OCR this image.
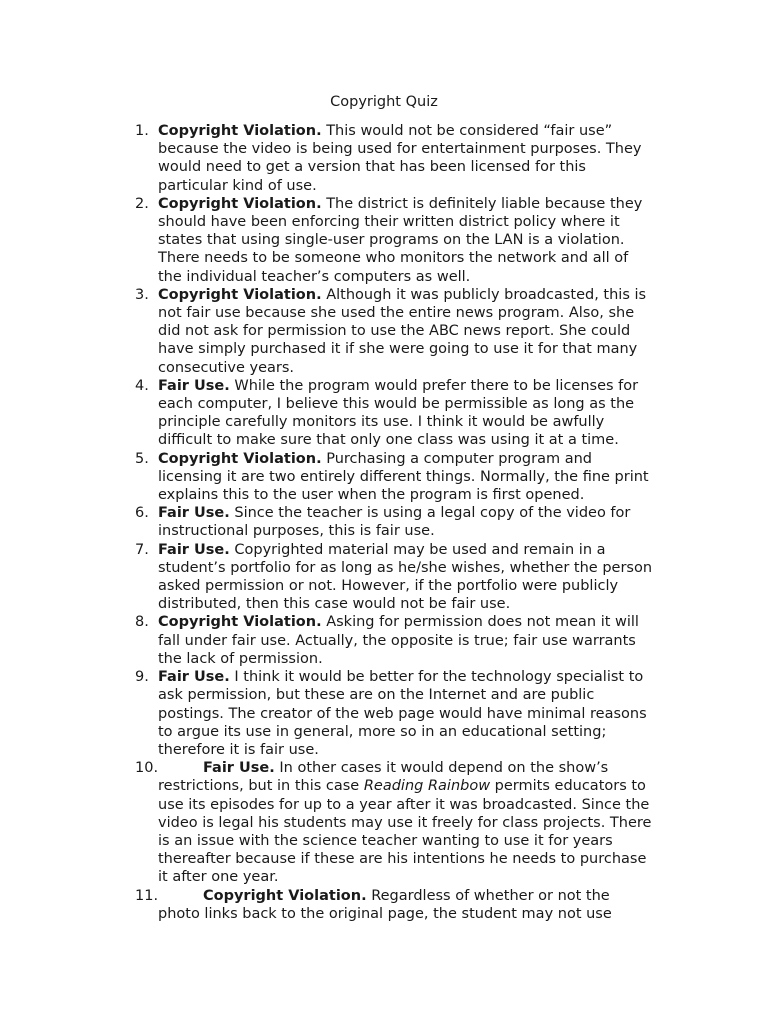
Copyright Quiz
1. Copyright Violation. This would not be considered “fair use” because the video is being used for entertainment purposes. They would need to get a version that has been licensed for this particular kind of use.
2. Copyright Violation. The district is definitely liable because they should have been enforcing their written district policy where it states that using single-user programs on the LAN is a violation. There needs to be someone who monitors the network and all of the individual teacher’s computers as well.
3. Copyright Violation. Although it was publicly broadcasted, this is not fair use because she used the entire news program. Also, she did not ask for permission to use the ABC news report. She could have simply purchased it if she were going to use it for that many consecutive years.
4. Fair Use. While the program would prefer there to be licenses for each computer, I believe this would be permissible as long as the principle carefully monitors its use. I think it would be awfully difficult to make sure that only one class was using it at a time.
5. Copyright Violation. Purchasing a computer program and licensing it are two entirely different things. Normally, the fine print explains this to the user when the program is first opened.
6. Fair Use. Since the teacher is using a legal copy of the video for instructional purposes, this is fair use.
7. Fair Use. Copyrighted material may be used and remain in a student’s portfolio for as long as he/she wishes, whether the person asked permission or not. However, if the portfolio were publicly distributed, then this case would not be fair use.
8. Copyright Violation. Asking for permission does not mean it will fall under fair use. Actually, the opposite is true; fair use warrants the lack of permission.
9. Fair Use. I think it would be better for the technology specialist to ask permission, but these are on the Internet and are public postings. The creator of the web page would have minimal reasons to argue its use in general, more so in an educational setting; therefore it is fair use.
10.	Fair Use. In other cases it would depend on the show’s restrictions, but in this case Reading Rainbow permits educators to use its episodes for up to a year after it was broadcasted. Since the video is legal his students may use it freely for class projects. There is an issue with the science teacher wanting to use it for years thereafter because if these are his intentions he needs to purchase it after one year.
11.	Copyright Violation. Regardless of whether or not the photo links back to the original page, the student may not use
